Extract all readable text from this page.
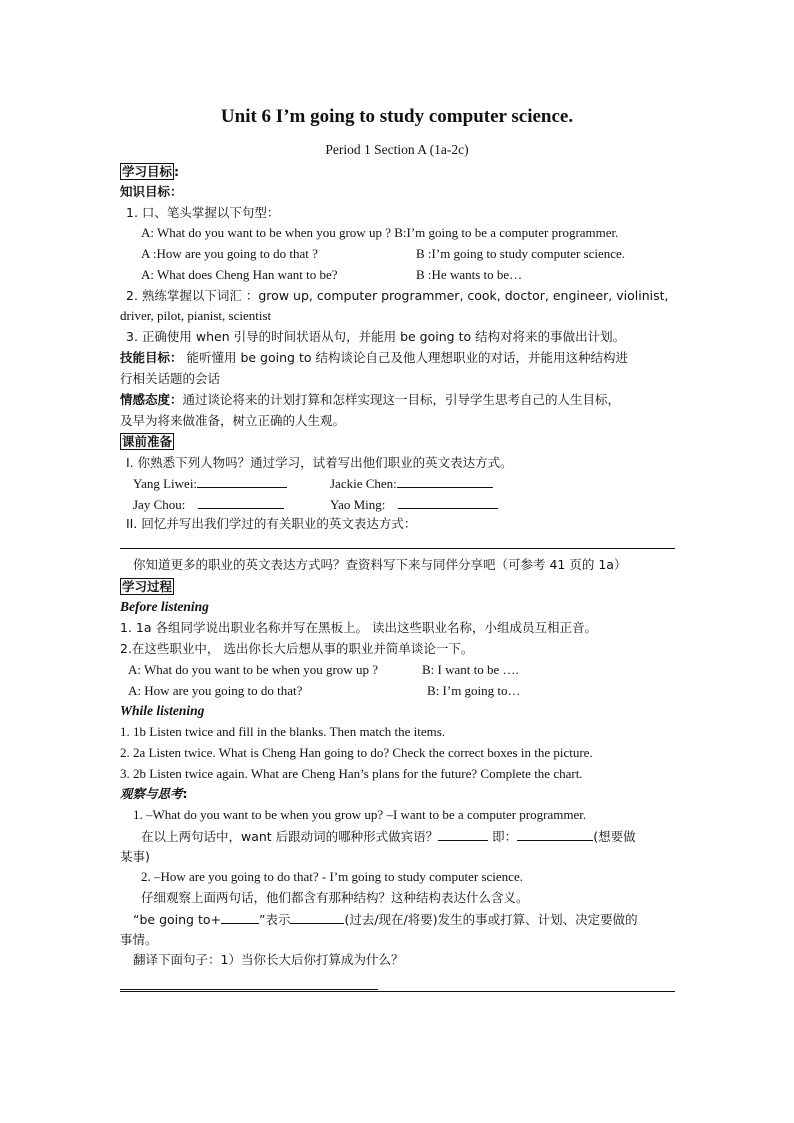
Unit 6 I’m going to study computer science.
Period 1 Section A (1a-2c)
学习目标 :
知识目标：
1. 口、笔头掌握以下句型：
A: What do you want to be when you grow up ? B:I’m going to be a computer programmer.
A :How are you going to do that ?	B :I’m going to study computer science.
A: What does Cheng Han want to be?	B :He wants to be…
2. 熟练掌握以下词汇 ：grow up, computer programmer, cook, doctor, engineer, violinist,
driver, pilot, pianist, scientist
3. 正确使用 when 引导的时间状语从句，并能用 be going to 结构对将来的事做出计划。
技能目标： 能听懂用 be going to 结构谈论自己及他人理想职业的对话，并能用这种结构进
行相关话题的会话
情感态度：通过谈论将来的计划打算和怎样实现这一目标，引导学生思考自己的人生目标，
及早为将来做准备，树立正确的人生观。
课前准备
I. 你熟悉下列人物吗？通过学习，试着写出他们职业的英文表达方式。
Yang Liwei:	Jackie Chen:
Jay Chou:	Yao Ming:
II. 回忆并写出我们学过的有关职业的英文表达方式：
你知道更多的职业的英文表达方式吗？查资料写下来与同伴分享吧（可参考 41 页的 1a）
学习过程
Before listening
1. 1a 各组同学说出职业名称并写在黑板上。 读出这些职业名称，小组成员互相正音。
2.在这些职业中， 选出你长大后想从事的职业并简单谈论一下。
A: What do you want to be when you grow up ?	B: I want to be ….
A: How are you going to do that?	B: I’m going to…
While listening
1. 1b Listen twice and fill in the blanks. Then match the items.
2. 2a Listen twice. What is Cheng Han going to do? Check the correct boxes in the picture.
3. 2b Listen twice again. What are Cheng Han’s plans for the future? Complete the chart.
观察与思考:
1. –What do you want to be when you grow up? –I want to be a computer programmer.
在以上两句话中，want 后跟动词的哪种形式做宾语？	即：	(想要做
某事)
2. –How are you going to do that? - I’m going to study computer science.
仔细观察上面两句话，他们都含有那种结构？这种结构表达什么含义。
“be going to+	”表示	(过去/现在/将要)发生的事或打算、计划、决定要做的
事情。
翻译下面句子：1）当你长大后你打算成为什么？
